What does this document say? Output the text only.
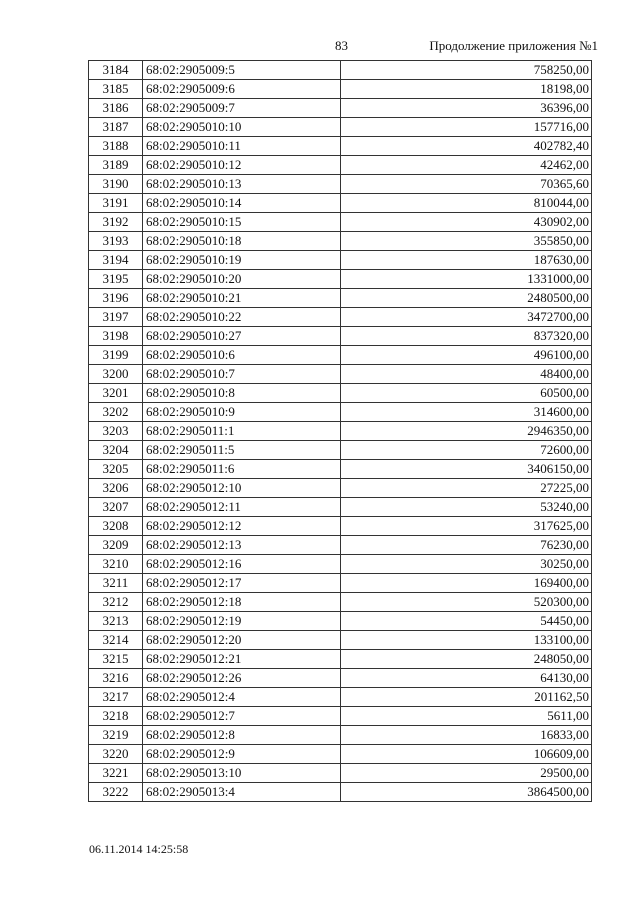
83	Продолжение приложения №1
3184	68:02:2905009:5	758250,00
3185	68:02:2905009:6	18198,00
3186	68:02:2905009:7	36396,00
3187	68:02:2905010:10	157716,00
3188	68:02:2905010:11	402782,40
3189	68:02:2905010:12	42462,00
3190	68:02:2905010:13	70365,60
3191	68:02:2905010:14	810044,00
3192	68:02:2905010:15	430902,00
3193	68:02:2905010:18	355850,00
3194	68:02:2905010:19	187630,00
3195	68:02:2905010:20	1331000,00
3196	68:02:2905010:21	2480500,00
3197	68:02:2905010:22	3472700,00
3198	68:02:2905010:27	837320,00
3199	68:02:2905010:6	496100,00
3200	68:02:2905010:7	48400,00
3201	68:02:2905010:8	60500,00
3202	68:02:2905010:9	314600,00
3203	68:02:2905011:1	2946350,00
3204	68:02:2905011:5	72600,00
3205	68:02:2905011:6	3406150,00
3206	68:02:2905012:10	27225,00
3207	68:02:2905012:11	53240,00
3208	68:02:2905012:12	317625,00
3209	68:02:2905012:13	76230,00
3210	68:02:2905012:16	30250,00
3211	68:02:2905012:17	169400,00
3212	68:02:2905012:18	520300,00
3213	68:02:2905012:19	54450,00
3214	68:02:2905012:20	133100,00
3215	68:02:2905012:21	248050,00
3216	68:02:2905012:26	64130,00
3217	68:02:2905012:4	201162,50
3218	68:02:2905012:7	5611,00
3219	68:02:2905012:8	16833,00
3220	68:02:2905012:9	106609,00
3221	68:02:2905013:10	29500,00
3222	68:02:2905013:4	3864500,00
06.11.2014 14:25:58
